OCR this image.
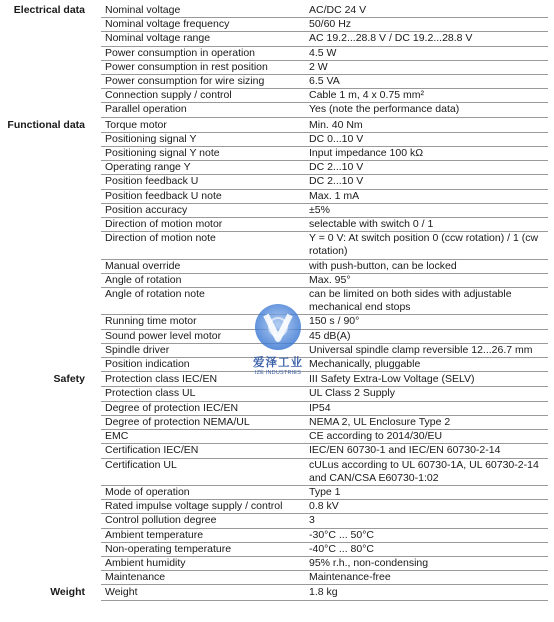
Electrical data	Nominal voltage	AC/DC 24 V
Nominal voltage frequency	50/60 Hz
Nominal voltage range	AC 19.2...28.8 V / DC 19.2...28.8 V
Power consumption in operation	4.5 W
Power consumption in rest position	2 W
Power consumption for wire sizing	6.5 VA
Connection supply / control	Cable 1 m, 4 x 0.75 mm²
Parallel operation	Yes (note the performance data)
Functional data	Torque motor	Min. 40 Nm
Positioning signal Y	DC 0...10 V
Positioning signal Y note	Input impedance 100 kΩ
Operating range Y	DC 2...10 V
Position feedback U	DC 2...10 V
Position feedback U note	Max. 1 mA
Position accuracy	±5%
Direction of motion motor	selectable with switch 0 / 1
Direction of motion note	Y = 0 V: At switch position 0 (ccw rotation) / 1 (cw rotation)
Manual override	with push-button, can be locked
Angle of rotation	Max. 95°
Angle of rotation note	can be limited on both sides with adjustable mechanical end stops
Running time motor	150 s / 90°
Sound power level motor	45 dB(A)
Spindle driver	Universal spindle clamp reversible 12...26.7 mm
Position indication	Mechanically, pluggable
Safety	Protection class IEC/EN	III Safety Extra-Low Voltage (SELV)
Protection class UL	UL Class 2 Supply
Degree of protection IEC/EN	IP54
Degree of protection NEMA/UL	NEMA 2, UL Enclosure Type 2
EMC	CE according to 2014/30/EU
Certification IEC/EN	IEC/EN 60730-1 and IEC/EN 60730-2-14
Certification UL	cULus according to UL 60730-1A, UL 60730-2-14 and CAN/CSA E60730-1:02
Mode of operation	Type 1
Rated impulse voltage supply / control	0.8 kV
Control pollution degree	3
Ambient temperature	-30°C ... 50°C
Non-operating temperature	-40°C ... 80°C
Ambient humidity	95% r.h., non-condensing
Maintenance	Maintenance-free
Weight	Weight	1.8 kg
爱泽工业
IZE INDUSTRIES
